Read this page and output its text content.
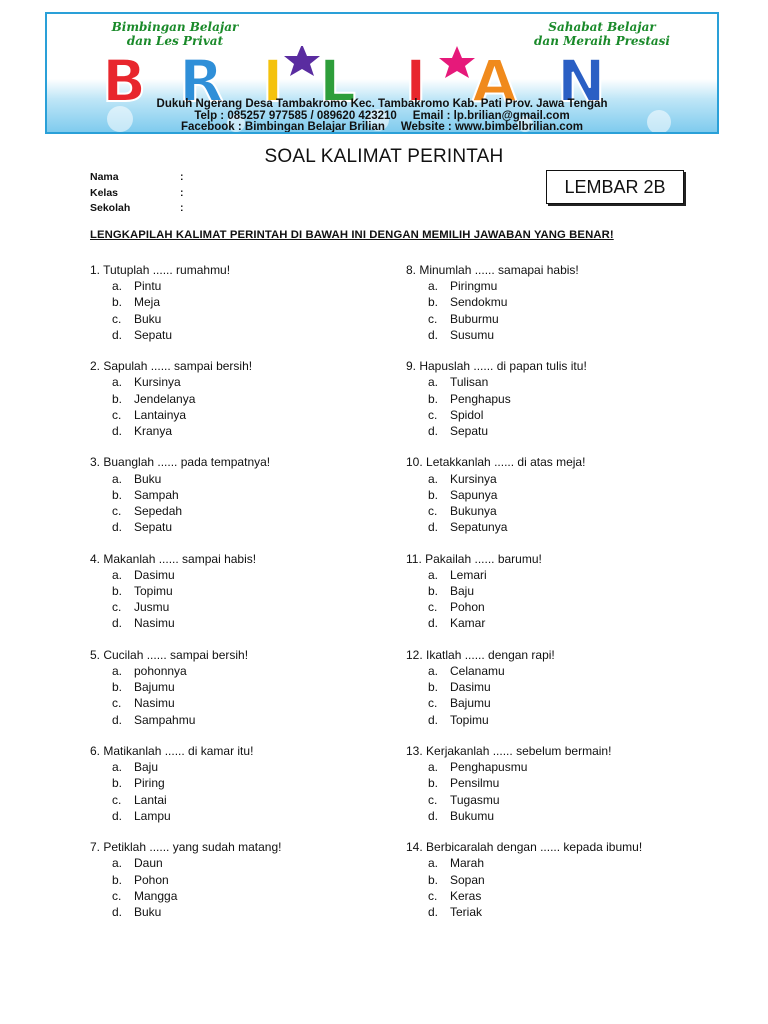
Bimbingan Belajar
dan Les Privat
Sahabat Belajar
dan Meraih Prestasi
B R I L I A N
Dukuh Ngerang Desa Tambakromo Kec. Tambakromo Kab. Pati Prov. Jawa Tengah
Telp : 085257 977585 / 089620 423210     Email : lp.brilian@gmail.com
Facebook : Bimbingan Belajar Brilian     Website : www.bimbelbrilian.com
SOAL KALIMAT PERINTAH
Nama	:
Kelas	:
Sekolah	:
LEMBAR 2B
LENGKAPILAH KALIMAT PERINTAH DI BAWAH INI DENGAN MEMILIH JAWABAN YANG BENAR!
1. Tutuplah ...... rumahmu!
a. Pintu
b. Meja
c.	Buku
d. Sepatu
2. Sapulah ...... sampai bersih!
a. Kursinya
b. Jendelanya
c.	Lantainya
d. Kranya
3. Buanglah ...... pada tempatnya!
a. Buku
b. Sampah
c.	Sepedah
d. Sepatu
4. Makanlah ...... sampai habis!
a. Dasimu
b. Topimu
c.	Jusmu
d. Nasimu
5. Cucilah ...... sampai bersih!
a. pohonnya
b. Bajumu
c.	Nasimu
d. Sampahmu
6. Matikanlah ...... di kamar itu!
a. Baju
b. Piring
c.	Lantai
d. Lampu
7. Petiklah ...... yang sudah matang!
a. Daun
b. Pohon
c.	Mangga
d. Buku
8. Minumlah ...... samapai habis!
a. Piringmu
b. Sendokmu
c.	Buburmu
d. Susumu
9. Hapuslah ...... di papan tulis itu!
a. Tulisan
b. Penghapus
c.	Spidol
d. Sepatu
10. Letakkanlah ...... di atas meja!
a. Kursinya
b. Sapunya
c.	Bukunya
d. Sepatunya
11. Pakailah ...... barumu!
a. Lemari
b. Baju
c.	Pohon
d. Kamar
12. Ikatlah ...... dengan rapi!
a. Celanamu
b. Dasimu
c.	Bajumu
d. Topimu
13. Kerjakanlah ...... sebelum bermain!
a. Penghapusmu
b. Pensilmu
c.	Tugasmu
d. Bukumu
14. Berbicaralah dengan ...... kepada ibumu!
a. Marah
b. Sopan
c.	Keras
d. Teriak
